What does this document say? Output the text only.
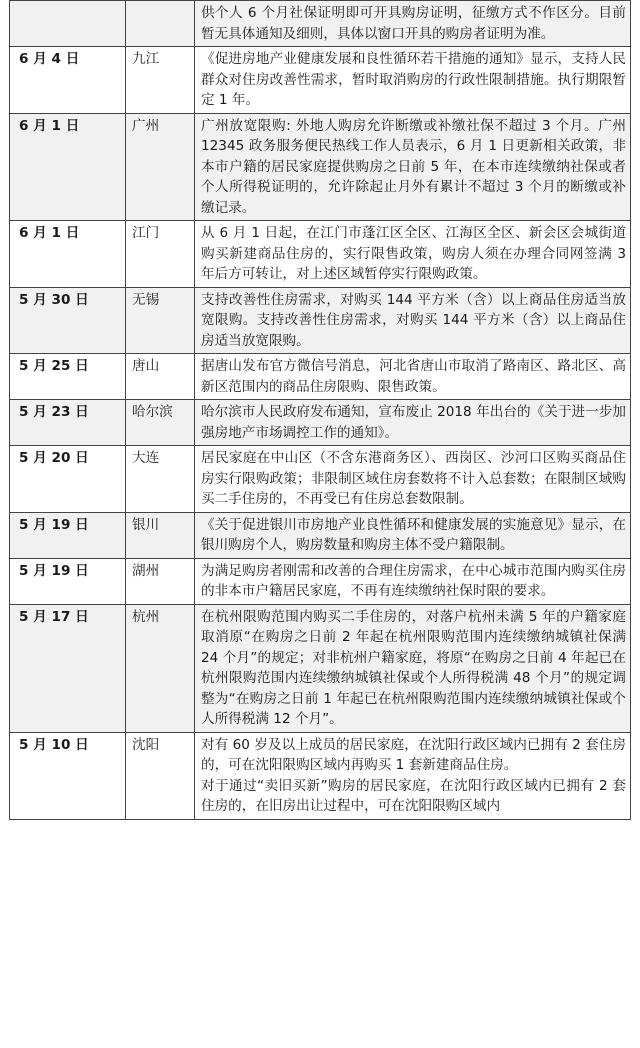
		供个人 6 个月社保证明即可开具购房证明，征缴方式不作区分。目前暂无具体通知及细则，具体以窗口开具的购房者证明为准。

6 月 4 日	九江	《促进房地产业健康发展和良性循环若干措施的通知》显示，支持人民群众对住房改善性需求，暂时取消购房的行政性限制措施。执行期限暂定 1 年。

6 月 1 日	广州	广州放宽限购: 外地人购房允许断缴或补缴社保不超过 3 个月。广州 12345 政务服务便民热线工作人员表示，6 月 1 日更新相关政策，非本市户籍的居民家庭提供购房之日前 5 年，在本市连续缴纳社保或者个人所得税证明的，允许除起止月外有累计不超过 3 个月的断缴或补缴记录。

6 月 1 日	江门	从 6 月 1 日起，在江门市蓬江区全区、江海区全区、新会区会城街道购买新建商品住房的，实行限售政策，购房人须在办理合同网签满 3 年后方可转让，对上述区域暂停实行限购政策。

5 月 30 日	无锡	支持改善性住房需求，对购买 144 平方米（含）以上商品住房适当放宽限购。支持改善性住房需求，对购买 144 平方米（含）以上商品住房适当放宽限购。

5 月 25 日	唐山	据唐山发布官方微信号消息，河北省唐山市取消了路南区、路北区、高新区范围内的商品住房限购、限售政策。

5 月 23 日	哈尔滨	哈尔滨市人民政府发布通知，宣布废止 2018 年出台的《关于进一步加强房地产市场调控工作的通知》。

5 月 20 日	大连	居民家庭在中山区（不含东港商务区）、西岗区、沙河口区购买商品住房实行限购政策；非限制区域住房套数将不计入总套数；在限制区域购买二手住房的，不再受已有住房总套数限制。

5 月 19 日	银川	《关于促进银川市房地产业良性循环和健康发展的实施意见》显示，在银川购房个人，购房数量和购房主体不受户籍限制。

5 月 19 日	湖州	为满足购房者刚需和改善的合理住房需求，在中心城市范围内购买住房的非本市户籍居民家庭，不再有连续缴纳社保时限的要求。

5 月 17 日	杭州	在杭州限购范围内购买二手住房的，对落户杭州未满 5 年的户籍家庭取消原“在购房之日前 2 年起在杭州限购范围内连续缴纳城镇社保满 24 个月”的规定；对非杭州户籍家庭，将原“在购房之日前 4 年起已在杭州限购范围内连续缴纳城镇社保或个人所得税满 48 个月”的规定调整为“在购房之日前 1 年起已在杭州限购范围内连续缴纳城镇社保或个人所得税满 12 个月”。

5 月 10 日	沈阳	对有 60 岁及以上成员的居民家庭，在沈阳行政区域内已拥有 2 套住房的，可在沈阳限购区域内再购买 1 套新建商品住房。
对于通过“卖旧买新”购房的居民家庭，在沈阳行政区域内已拥有 2 套住房的，在旧房出让过程中，可在沈阳限购区域内
